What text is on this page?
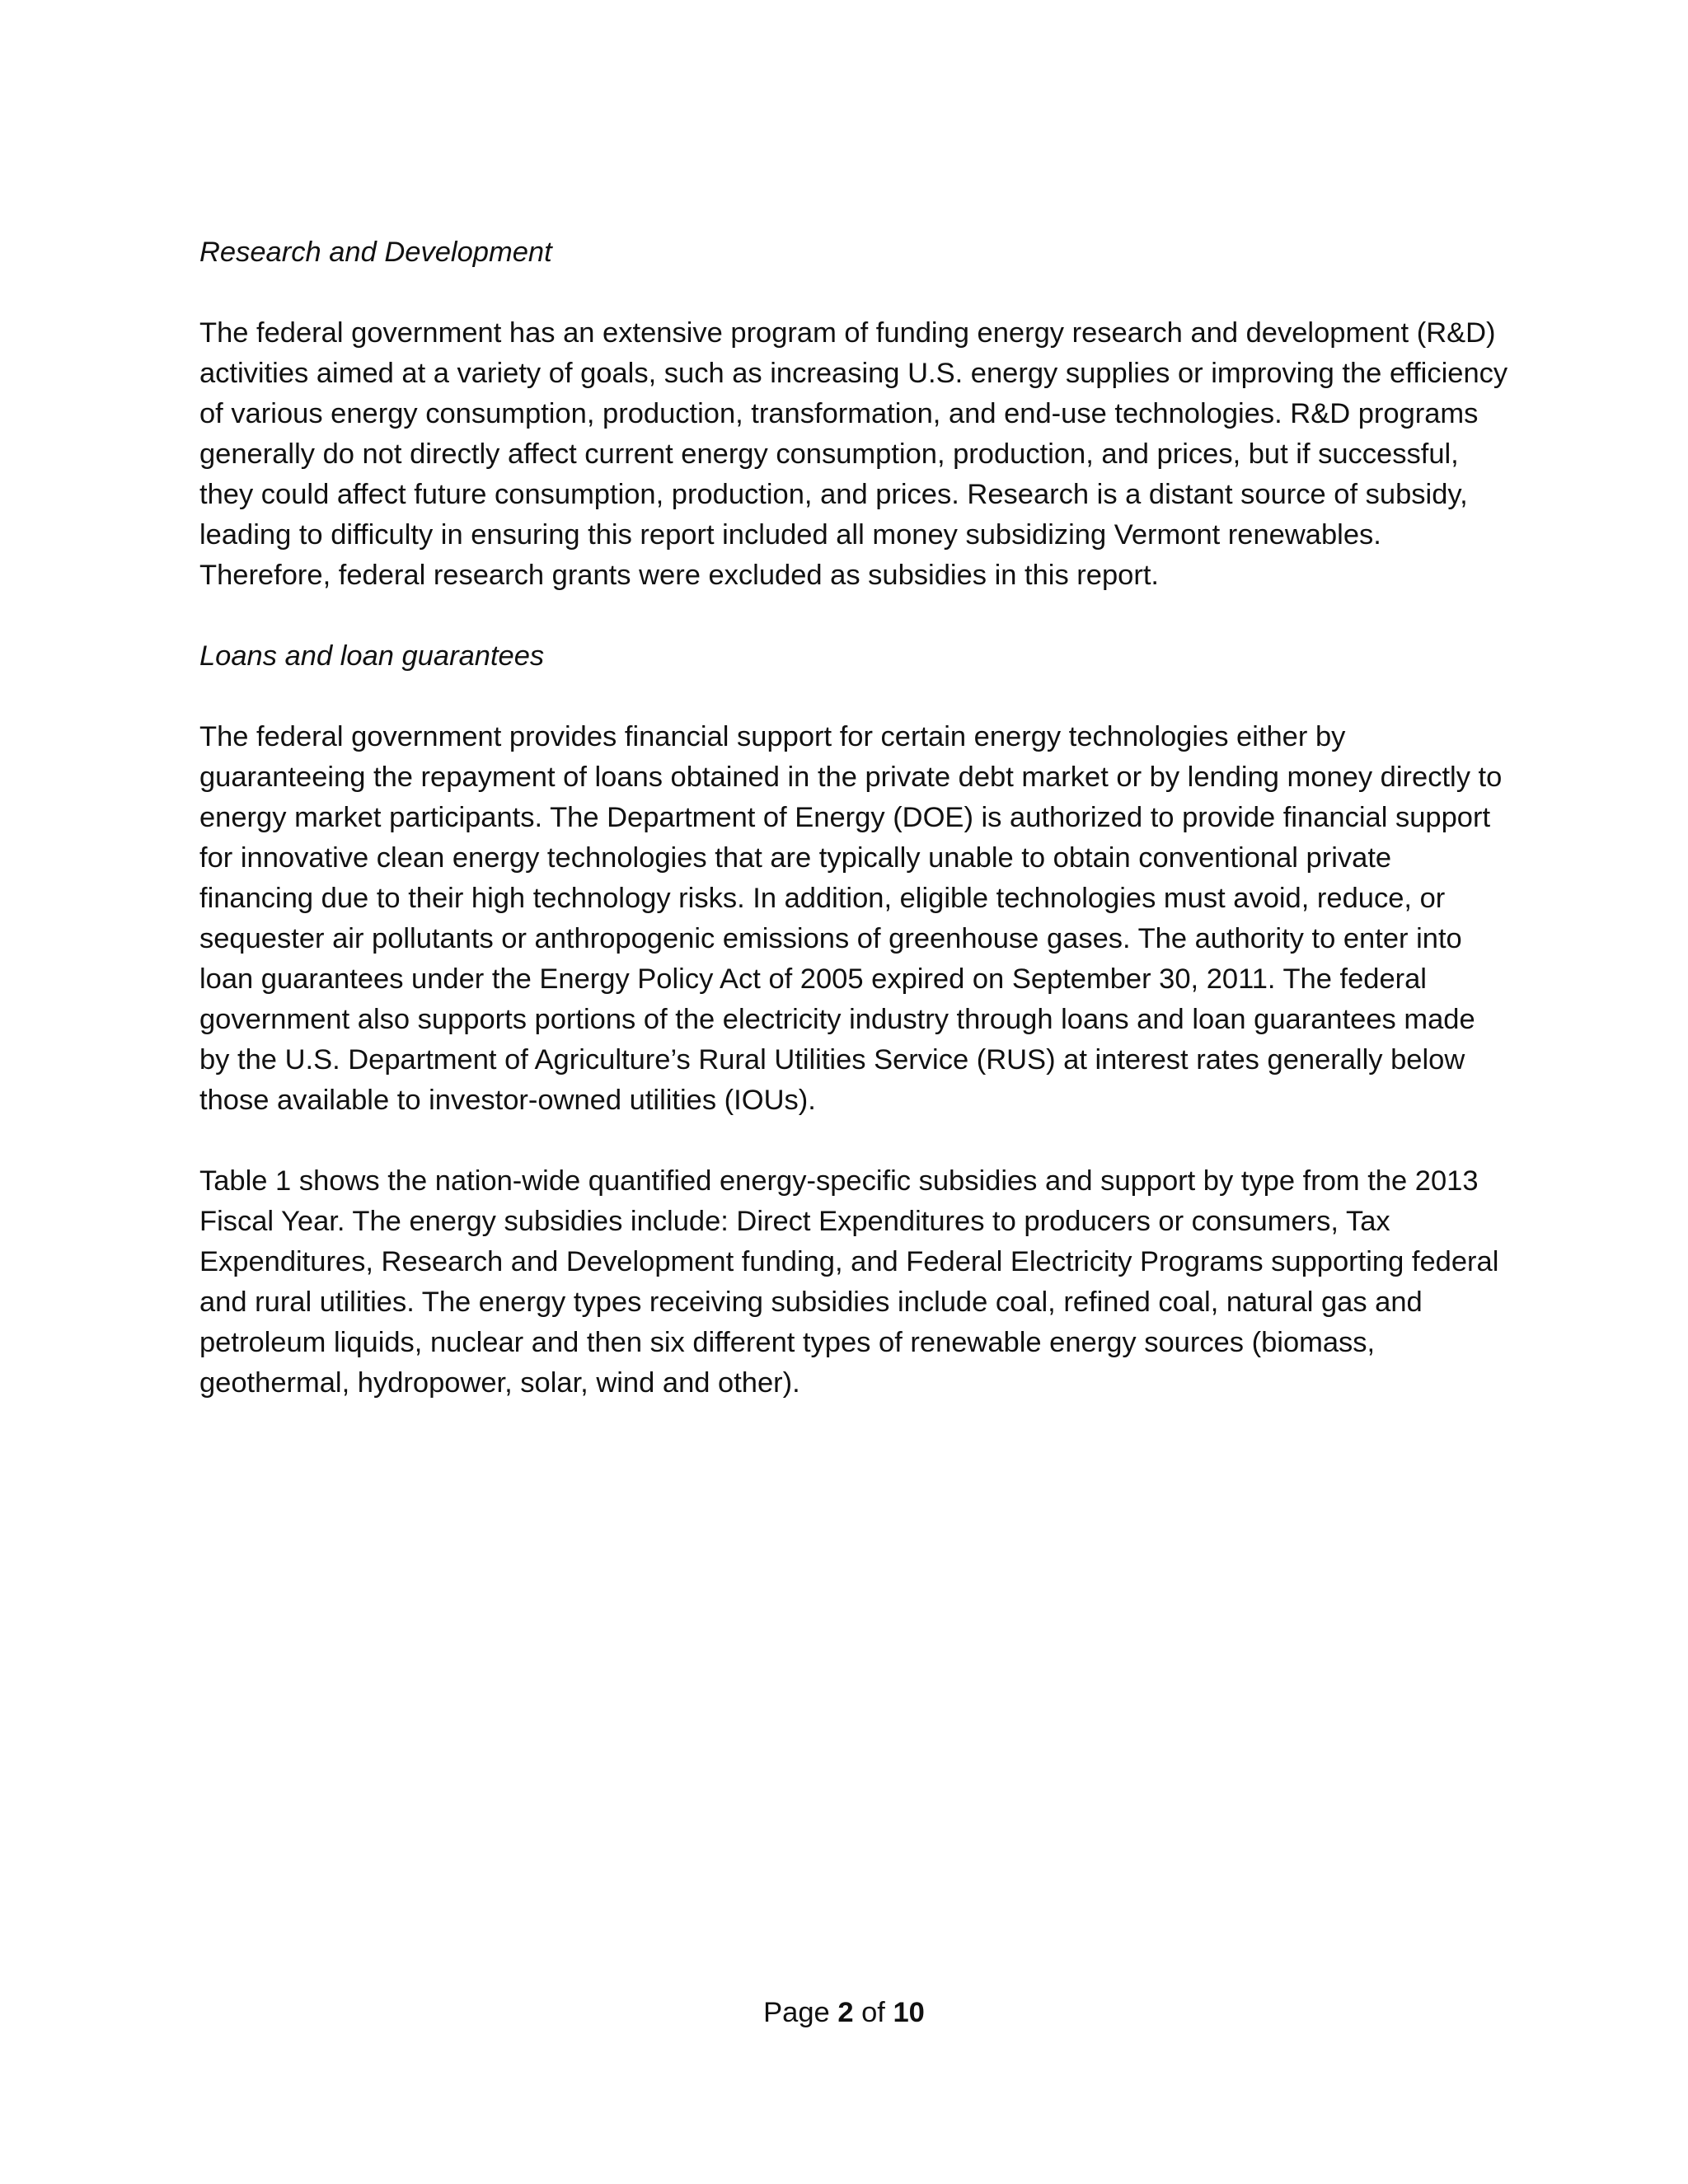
Research and Development

The federal government has an extensive program of funding energy research and development (R&D) activities aimed at a variety of goals, such as increasing U.S. energy supplies or improving the efficiency of various energy consumption, production, transformation, and end-use technologies. R&D programs generally do not directly affect current energy consumption, production, and prices, but if successful, they could affect future consumption, production, and prices. Research is a distant source of subsidy, leading to difficulty in ensuring this report included all money subsidizing Vermont renewables. Therefore, federal research grants were excluded as subsidies in this report.

Loans and loan guarantees

The federal government provides financial support for certain energy technologies either by guaranteeing the repayment of loans obtained in the private debt market or by lending money directly to energy market participants. The Department of Energy (DOE) is authorized to provide financial support for innovative clean energy technologies that are typically unable to obtain conventional private financing due to their high technology risks. In addition, eligible technologies must avoid, reduce, or sequester air pollutants or anthropogenic emissions of greenhouse gases. The authority to enter into loan guarantees under the Energy Policy Act of 2005 expired on September 30, 2011. The federal government also supports portions of the electricity industry through loans and loan guarantees made by the U.S. Department of Agriculture’s Rural Utilities Service (RUS) at interest rates generally below those available to investor-owned utilities (IOUs).

Table 1 shows the nation-wide quantified energy-specific subsidies and support by type from the 2013 Fiscal Year. The energy subsidies include: Direct Expenditures to producers or consumers, Tax Expenditures, Research and Development funding, and Federal Electricity Programs supporting federal and rural utilities. The energy types receiving subsidies include coal, refined coal, natural gas and petroleum liquids, nuclear and then six different types of renewable energy sources (biomass, geothermal, hydropower, solar, wind and other).

Page 2 of 10
